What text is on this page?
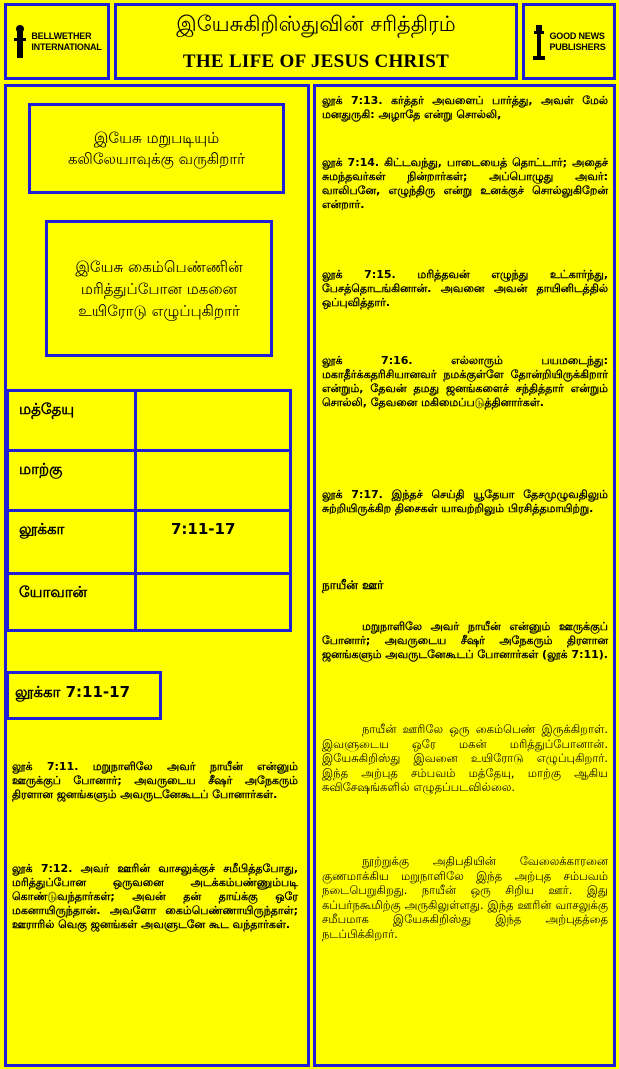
BELLWETHER
INTERNATIONAL
இயேசுகிறிஸ்துவின் சரித்திரம்
THE LIFE OF JESUS CHRIST
GOOD NEWS
PUBLISHERS
இயேசு மறுபடியும் கலிலேயாவுக்கு வருகிறார்
இயேசு கைம்பெண்ணின் மரித்துப்போன மகனை உயிரோடு எழுப்புகிறார்
மத்தேயு
மாற்கு
லூக்கா	7:11-17
யோவான்
லூக்கா 7:11-17
லூக் 7:11. மறுநாளிலே அவர் நாயீன் என்னும் ஊருக்குப் போனார்; அவருடைய சீஷர் அநேகரும் திரளான ஜனங்களும் அவருடனேகூடப் போனார்கள்.
லூக் 7:12. அவர் ஊரின் வாசலுக்குச் சமீபித்தபோது, மரித்துப்போன ஒருவனை அடக்கம்பண்ணும்படி கொண்டுவந்தார்கள்; அவன் தன் தாய்க்கு ஒரே மகனாயிருந்தான். அவளோ கைம்பெண்ணாயிருந்தாள்; ஊராரில் வெகு ஜனங்கள் அவளுடனே கூட வந்தார்கள்.
லூக் 7:13. கர்த்தர் அவளைப் பார்த்து, அவள் மேல் மனதுருகி: அழாதே என்று சொல்லி,
லூக் 7:14. கிட்டவந்து, பாடையைத் தொட்டார்; அதைச் சுமந்தவர்கள் நின்றார்கள்; அப்பொழுது அவர்: வாலிபனே, எழுந்திரு என்று உனக்குச் சொல்லுகிறேன் என்றார்.
லூக் 7:15. மரித்தவன் எழுந்து உட்கார்ந்து, பேசத்தொடங்கினான். அவனை அவன் தாயினிடத்தில் ஒப்புவித்தார்.
லூக் 7:16. எல்லாரும் பயமடைந்து: மகாதீர்க்கதரிசியானவர் நமக்குள்ளே தோன்றியிருக்கிறார் என்றும், தேவன் தமது ஜனங்களைச் சந்தித்தார் என்றும் சொல்லி, தேவனை மகிமைப்படுத்தினார்கள்.
லூக் 7:17. இந்தச் செய்தி யூதேயா தேசமுழுவதிலும் சுற்றியிருக்கிற திசைகள் யாவற்றிலும் பிரசித்தமாயிற்று.
நாயீன் ஊர்
மறுநாளிலே அவர் நாயீன் என்னும் ஊருக்குப் போனார்; அவருடைய சீஷர் அநேகரும் திரளான ஜனங்களும் அவருடனேகூடப் போனார்கள் (லூக் 7:11).
நாயீன் ஊரிலே ஒரு கைம்பெண் இருக்கிறாள். இவளுடைய ஒரே மகன் மரித்துப்போனான். இயேசுகிறிஸ்து இவனை உயிரோடு எழுப்புகிறார். இந்த அற்புத சம்பவம் மத்தேயு, மாற்கு ஆகிய சுவிசேஷங்களில் எழுதப்படவில்லை.
நூற்றுக்கு அதிபதியின் வேலைக்காரனை குணமாக்கிய மறுநாளிலே இந்த அற்புத சம்பவம் நடைபெறுகிறது. நாயீன் ஒரு சிறிய ஊர். இது கப்பர்நகூமிற்கு அருகிலுள்ளது. இந்த ஊரின் வாசலுக்கு சமீபமாக இயேசுகிறிஸ்து இந்த அற்புதத்தை நடப்பிக்கிறார்.
